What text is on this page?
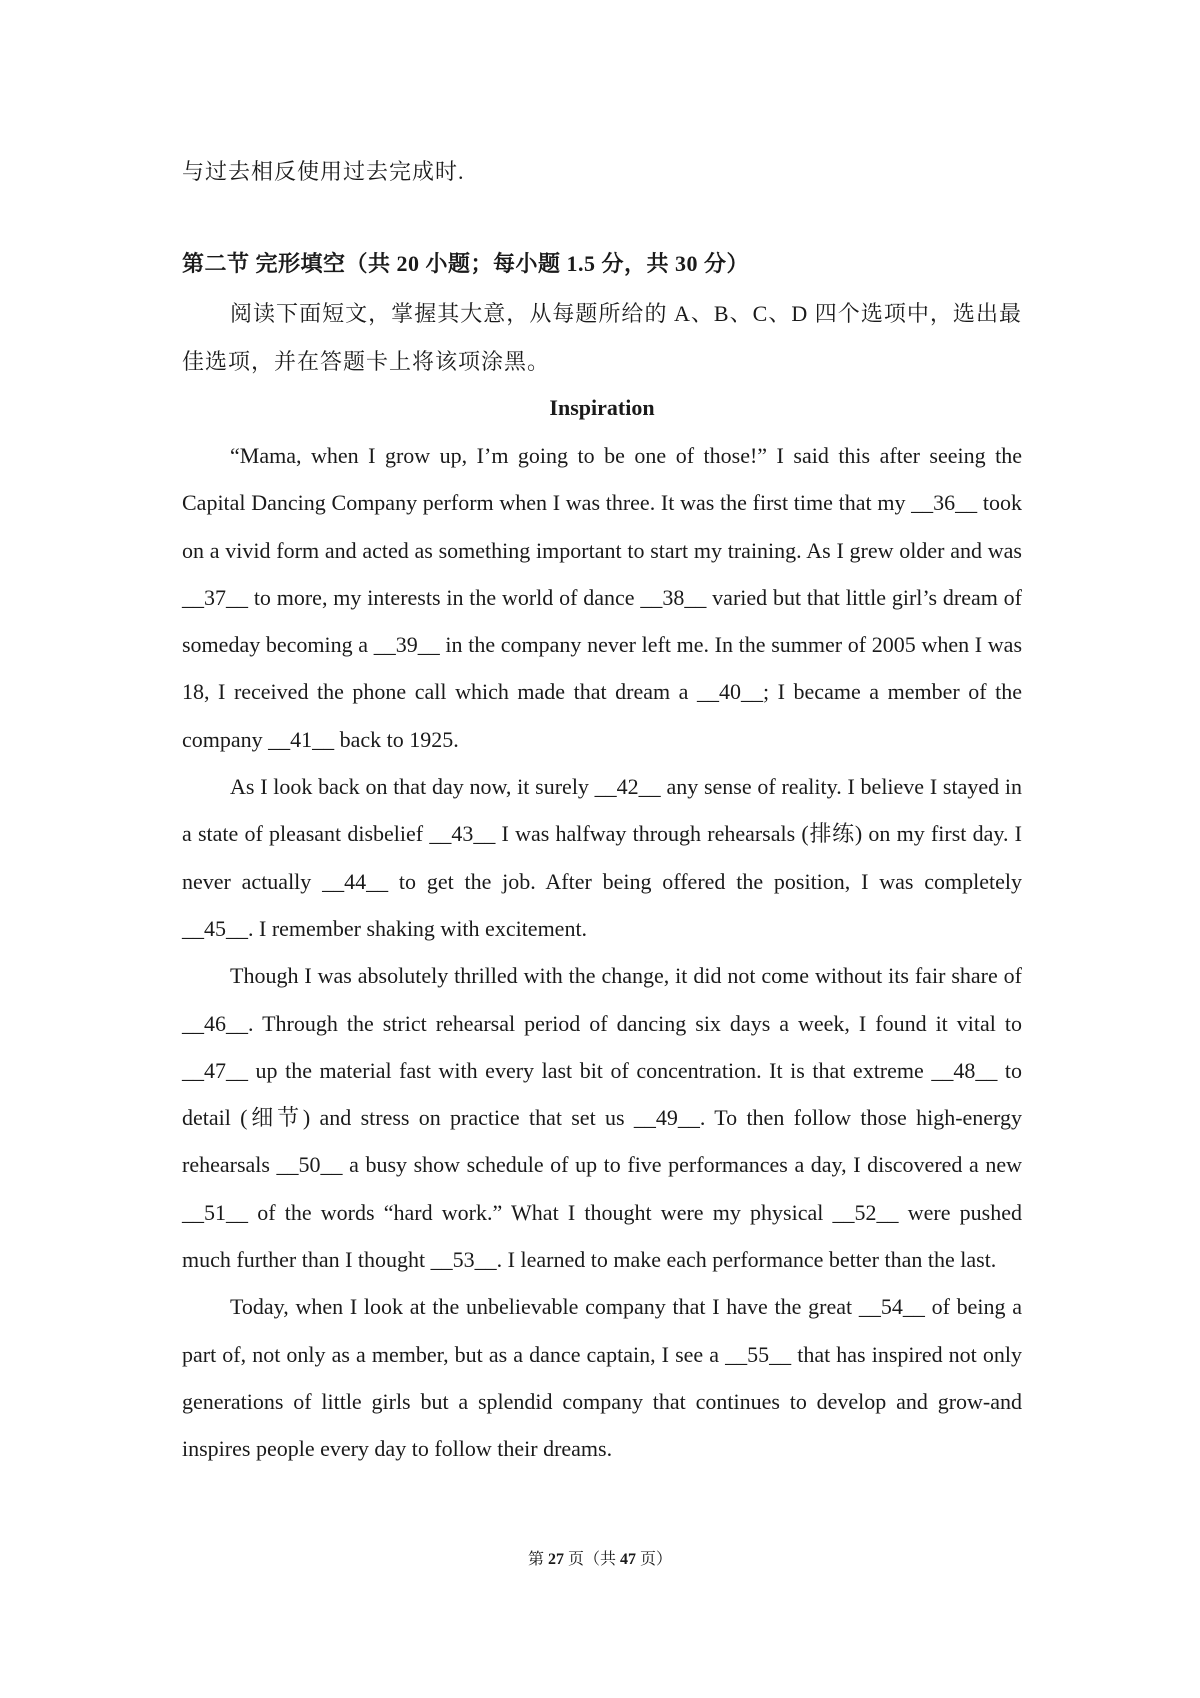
与过去相反使用过去完成时.
第二节 完形填空（共 20 小题；每小题 1.5 分，共 30 分）

阅读下面短文，掌握其大意，从每题所给的 A、B、C、D 四个选项中，选出最佳选项，并在答题卡上将该项涂黑。

Inspiration

“Mama, when I grow up, I’m going to be one of those!” I said this after seeing the Capital Dancing Company perform when I was three. It was the first time that my __36__ took on a vivid form and acted as something important to start my training. As I grew older and was __37__ to more, my interests in the world of dance __38__ varied but that little girl’s dream of someday becoming a __39__ in the company never left me. In the summer of 2005 when I was 18, I received the phone call which made that dream a __40__; I became a member of the company __41__ back to 1925.

As I look back on that day now, it surely __42__ any sense of reality. I believe I stayed in a state of pleasant disbelief __43__ I was halfway through rehearsals (排练) on my first day. I never actually __44__ to get the job. After being offered the position, I was completely __45__. I remember shaking with excitement.

Though I was absolutely thrilled with the change, it did not come without its fair share of __46__. Through the strict rehearsal period of dancing six days a week, I found it vital to __47__ up the material fast with every last bit of concentration. It is that extreme __48__ to detail (细节) and stress on practice that set us __49__. To then follow those high-energy rehearsals __50__ a busy show schedule of up to five performances a day, I discovered a new __51__ of the words “hard work.” What I thought were my physical __52__ were pushed much further than I thought __53__. I learned to make each performance better than the last.

Today, when I look at the unbelievable company that I have the great __54__ of being a part of, not only as a member, but as a dance captain, I see a __55__ that has inspired not only generations of little girls but a splendid company that continues to develop and grow-and inspires people every day to follow their dreams.

第 27 页（共 47 页）
